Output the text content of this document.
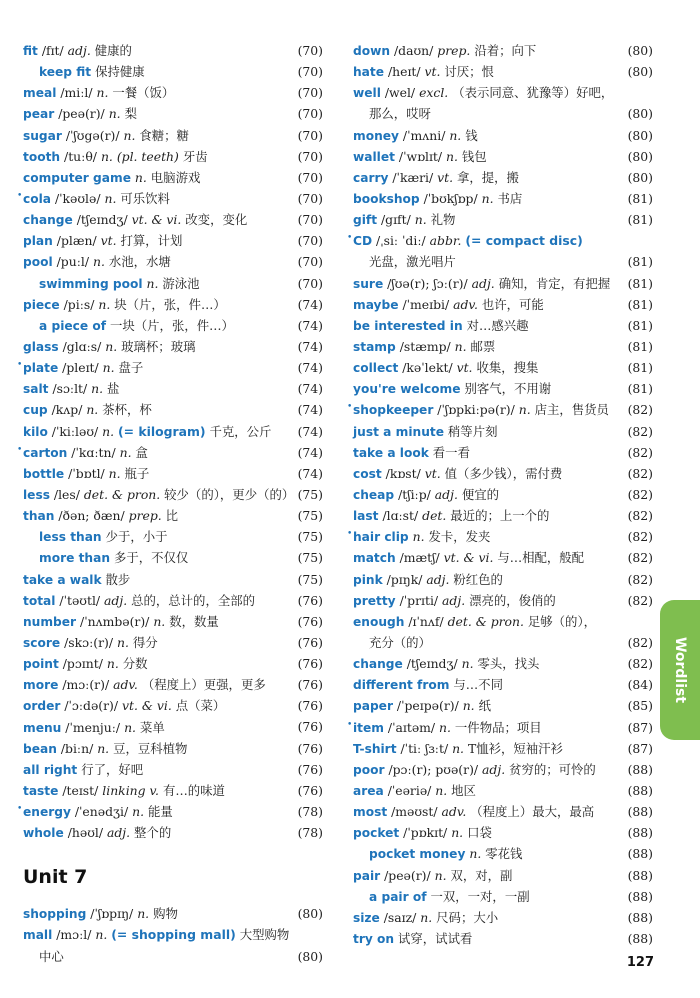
fit /fɪt/ adj. 健康的	(70)
keep fit 保持健康	(70)
meal /miːl/ n. 一餐（饭）	(70)
pear /peə(r)/ n. 梨	(70)
sugar /ˈʃʊgə(r)/ n. 食糖；糖	(70)
tooth /tuːθ/ n. (pl. teeth) 牙齿	(70)
computer game n. 电脑游戏	(70)
• cola /ˈkəʊlə/ n. 可乐饮料	(70)
change /tʃeɪndʒ/ vt. & vi. 改变，变化	(70)
plan /plæn/ vt. 打算，计划	(70)
pool /puːl/ n. 水池，水塘	(70)
swimming pool n. 游泳池	(70)
piece /piːs/ n. 块（片，张，件…）	(74)
a piece of 一块（片，张，件…）	(74)
glass /glɑːs/ n. 玻璃杯；玻璃	(74)
• plate /pleɪt/ n. 盘子	(74)
salt /sɔːlt/ n. 盐	(74)
cup /kʌp/ n. 茶杯，杯	(74)
kilo /ˈkiːləʊ/ n. (= kilogram) 千克，公斤	(74)
• carton /ˈkɑːtn/ n. 盒	(74)
bottle /ˈbɒtl/ n. 瓶子	(74)
less /les/ det. & pron. 较少（的），更少（的） (75)
than /ðən; ðæn/ prep. 比	(75)
less than 少于，小于	(75)
more than 多于，不仅仅	(75)
take a walk 散步	(75)
total /ˈtəʊtl/ adj. 总的，总计的，全部的	(76)
number /ˈnʌmbə(r)/ n. 数，数量	(76)
score /skɔː(r)/ n. 得分	(76)
point /pɔɪnt/ n. 分数	(76)
more /mɔː(r)/ adv. （程度上）更强，更多	(76)
order /ˈɔːdə(r)/ vt. & vi. 点（菜）	(76)
menu /ˈmenjuː/ n. 菜单	(76)
bean /biːn/ n. 豆，豆科植物	(76)
all right 行了，好吧	(76)
taste /teɪst/ linking v. 有…的味道	(76)
• energy /ˈenədʒi/ n. 能量	(78)
whole /həʊl/ adj. 整个的	(78)
Unit 7
shopping /ˈʃɒpɪŋ/ n. 购物	(80)
mall /mɔːl/ n. (= shopping mall) 大型购物
中心	(80)
down /daʊn/ prep. 沿着；向下	(80)
hate /heɪt/ vt. 讨厌；恨	(80)
well /wel/ excl. （表示同意、犹豫等）好吧，
那么，哎呀	(80)
money /ˈmʌni/ n. 钱	(80)
wallet /ˈwɒlɪt/ n. 钱包	(80)
carry /ˈkæri/ vt. 拿，提，搬	(80)
bookshop /ˈbʊkʃɒp/ n. 书店	(81)
gift /gɪft/ n. 礼物	(81)
• CD /ˌsiː ˈdiː/ abbr. (= compact disc)
光盘，激光唱片	(81)
sure /ʃʊə(r); ʃɔː(r)/ adj. 确知，肯定，有把握	(81)
maybe /ˈmeɪbi/ adv. 也许，可能	(81)
be interested in 对…感兴趣	(81)
stamp /stæmp/ n. 邮票	(81)
collect /kəˈlekt/ vt. 收集，搜集	(81)
you're welcome 别客气，不用谢	(81)
• shopkeeper /ˈʃɒpkiːpə(r)/ n. 店主，售货员	(82)
just a minute 稍等片刻	(82)
take a look 看一看	(82)
cost /kɒst/ vt. 值（多少钱），需付费	(82)
cheap /tʃiːp/ adj. 便宜的	(82)
last /lɑːst/ det. 最近的；上一个的	(82)
• hair clip n. 发卡，发夹	(82)
match /mætʃ/ vt. & vi. 与…相配，般配	(82)
pink /pɪŋk/ adj. 粉红色的	(82)
pretty /ˈprɪti/ adj. 漂亮的，俊俏的	(82)
enough /ɪˈnʌf/ det. & pron. 足够（的），
充分（的）	(82)
change /tʃeɪndʒ/ n. 零头，找头	(82)
different from 与…不同	(84)
paper /ˈpeɪpə(r)/ n. 纸	(85)
• item /ˈaɪtəm/ n. 一件物品；项目	(87)
T-shirt /ˈtiː ʃɜːt/ n. T恤衫，短袖汗衫	(87)
poor /pɔː(r); pʊə(r)/ adj. 贫穷的；可怜的	(88)
area /ˈeəriə/ n. 地区	(88)
most /məʊst/ adv. （程度上）最大，最高	(88)
pocket /ˈpɒkɪt/ n. 口袋	(88)
pocket money n. 零花钱	(88)
pair /peə(r)/ n. 双，对，副	(88)
a pair of 一双，一对，一副	(88)
size /saɪz/ n. 尺码；大小	(88)
try on 试穿，试试看	(88)
Wordlist
127
